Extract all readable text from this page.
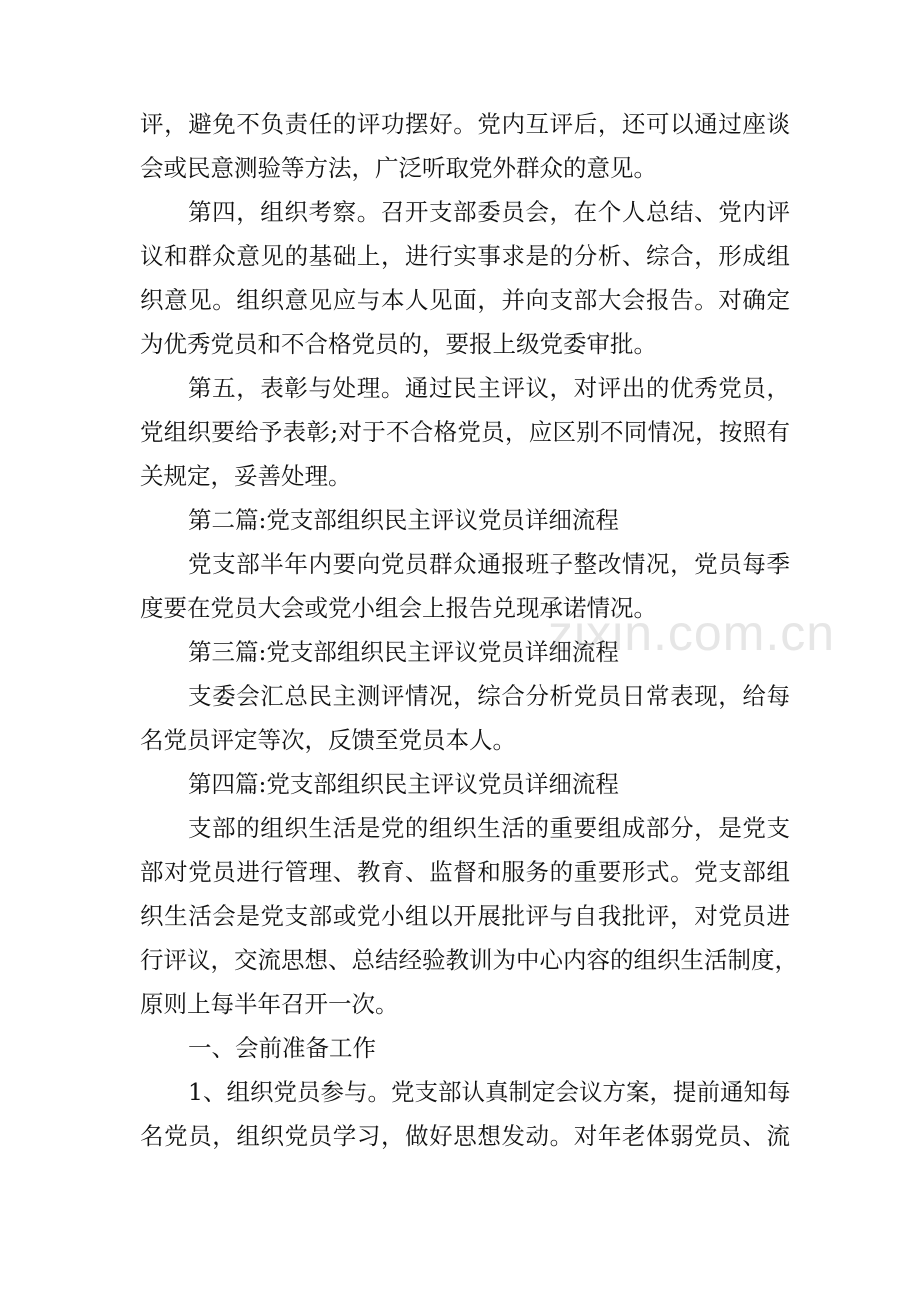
评，避免不负责任的评功摆好。党内互评后，还可以通过座谈
会或民意测验等方法，广泛听取党外群众的意见。
第四，组织考察。召开支部委员会，在个人总结、党内评
议和群众意见的基础上，进行实事求是的分析、综合，形成组
织意见。组织意见应与本人见面，并向支部大会报告。对确定
为优秀党员和不合格党员的，要报上级党委审批。
第五，表彰与处理。通过民主评议，对评出的优秀党员，
党组织要给予表彰;对于不合格党员，应区别不同情况，按照有
关规定，妥善处理。
第二篇:党支部组织民主评议党员详细流程
党支部半年内要向党员群众通报班子整改情况，党员每季
度要在党员大会或党小组会上报告兑现承诺情况。
第三篇:党支部组织民主评议党员详细流程
支委会汇总民主测评情况，综合分析党员日常表现，给每
名党员评定等次，反馈至党员本人。
第四篇:党支部组织民主评议党员详细流程
支部的组织生活是党的组织生活的重要组成部分，是党支
部对党员进行管理、教育、监督和服务的重要形式。党支部组
织生活会是党支部或党小组以开展批评与自我批评，对党员进
行评议，交流思想、总结经验教训为中心内容的组织生活制度，
原则上每半年召开一次。
一、会前准备工作
1、组织党员参与。党支部认真制定会议方案，提前通知每
名党员，组织党员学习，做好思想发动。对年老体弱党员、流
zixin.com.cn
